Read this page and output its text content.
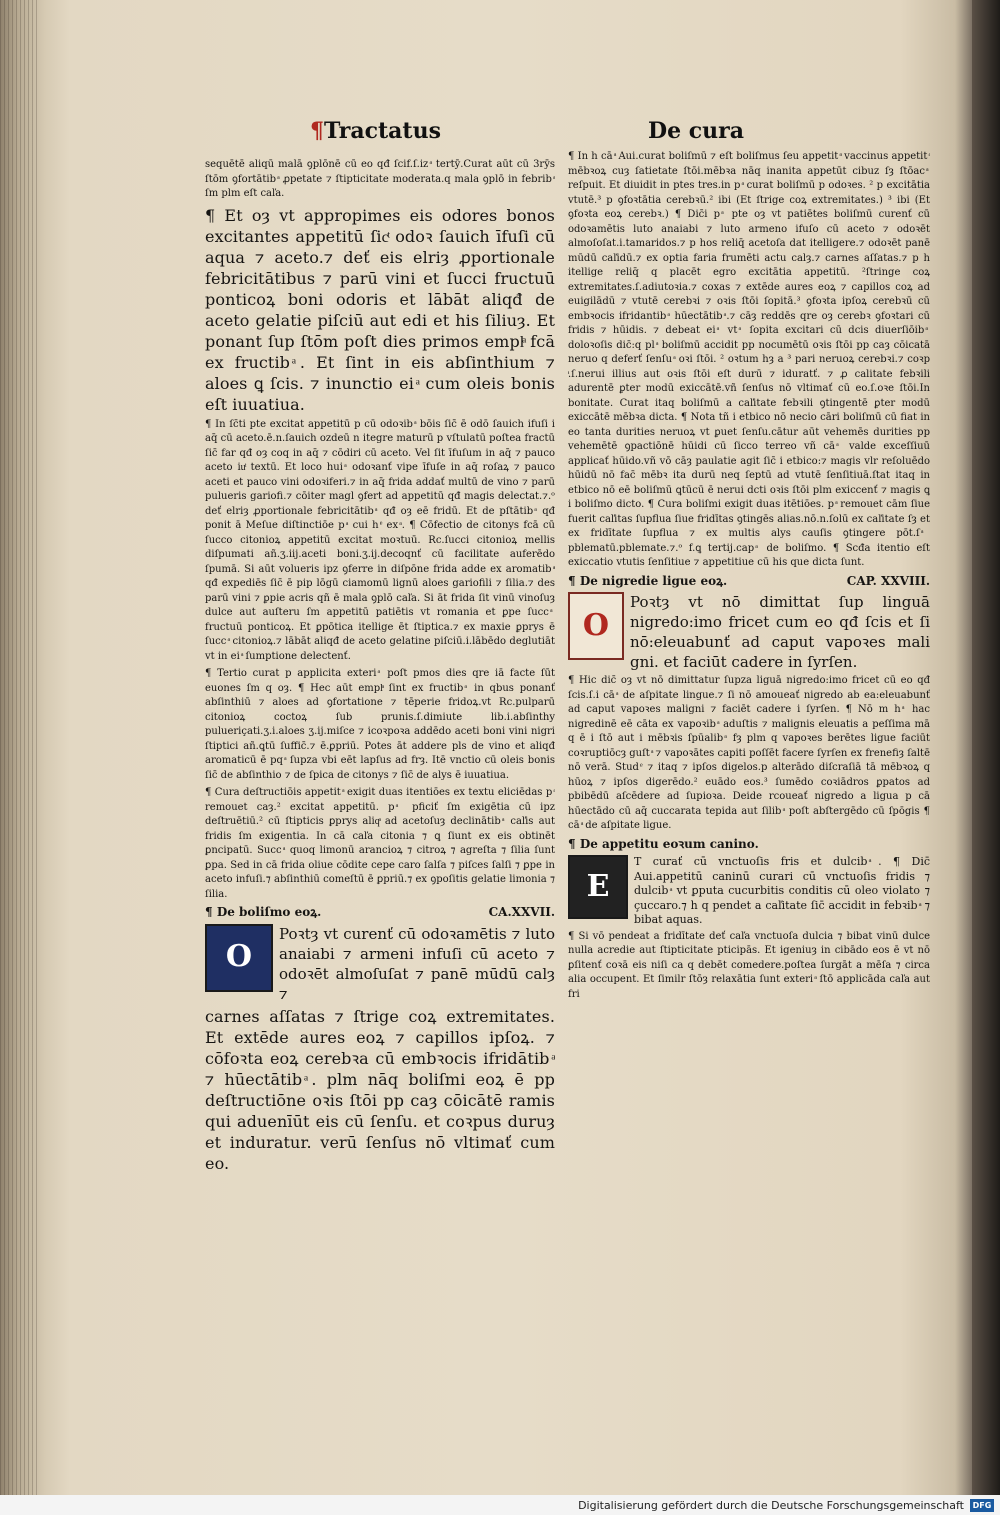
¶Tractatus	De cura

sequētē aliqū malā ꝯplōnē cū eo qđ ſcif.ſ.iz ͣ tertȳ.Curat aūt cū 3rȳs ſtōm ꝯfortātib ͣ ꝓpetate ⁊ ſtipticitate moderata.q mala ꝯplō in febrib ͣ ſm plm eſt caľa.

¶ Et oȝ vt appropimes eis odores bonos excitantes appetitū ſicͭ odoꝛ ſauich īfuſi cū aqua ⁊ aceto.⁊ deť eis elriȝ ꝓportionale febricitātibus ⁊ parū vini et ſucci fructuū ponticoꝝ boni odoris et lābāt aliqđ de aceto gelatie piſciū aut edi et his ſiliuȝ. Et ponant ſup ſtōm poſt dies primos emplͣ fcā ex fructib ͣ. Et ſint in eis abſinthium ⁊ aloes ꝗ ſcis. ⁊ inunctio ei ͣ cum oleis bonis eſt iuuatiua.

¶ In ſc̄ti pte excitat appetitū p cū odoꝛib ͣ bōis ſic̄ ē odō ſauich ifuſi i aq̄ cū aceto.ē.n.ſauich ozdeū n itegre maturū p vſtulatū poſtea fractū ſic̄ far qđ oȝ coq in aq̄ ⁊ cōdiri cū aceto. Vel ſit īfuſum in aq̄ ⁊ pauco aceto iuͭ textū. Et loco hui ͣ odoꝛanť vipe īfuſe in aq̄ roſaꝝ ⁊ pauco aceti et pauco vini odoꝛiferi.⁊ in aq̄ frida addať multū de vino ⁊ parū pulueris gariofi.⁊ cōiter magl ꝯfert ad appetitū qđ magis delectat.⁊.ᵒ deť elriȝ ꝓportionale febricitātib ͣ qđ oȝ eē fridū. Et de pſtātib ͣ qđ ponit ā Meſue diſtinctiōe p ͣ cui h ͤ ex ͣ. ¶ Cōfectio de citonys fcā cū ſucco citonioꝝ appetitū excitat moꝛtuū. Rc.ſucci citonioꝝ mellis diſpumati añ.ʒ.iij.aceti boni.ʒ.ij.decoqnť cū facilitate auferēdo ſpumā. Si aūt volueris ipz ꝯferre in diſpōne frida adde ex aromatib ͣ qđ expediēs ſic̄ ē pip lōgū ciamomū lignū aloes gariofili ⁊ ſilia.⁊ des parū vini ⁊ ꝑpie acris qñ ē mala ꝯplō caľa. Si āt frida ſit vinū vinoſuȝ dulce aut auſteru ſm appetitū patiētis vt romania et ꝑpe ſucc ͣ fructuū ponticoꝝ. Et ꝑpōtica itellige ēt ſtiptica.⁊ ex maxie ꝑprys ē ſucc ͣ citonioꝝ.⁊ lābāt aliqđ de aceto gelatine piſciū.i.lābēdo deglutiāt vt in ei ͣ ſumptione delectenť.

¶ Tertio curat p applicita exteri ͣ poſt pmos dies qre iā facte ſūt euones ſm q oȝ. ¶ Hec aūt emplͣ ſint ex fructib ͣ in qbus ponanť abſinthiū ⁊ aloes ad ꝯfortatione ⁊ tēperie fridoꝝ.vt Rc.pulparū citonioꝝ coctoꝝ ſub prunis.ſ.dimiute lib.i.abſinthy pulueriçati.ʒ.i.aloes ʒ.ij.miſce ⁊ icoꝛpoꝛa addēdo aceti boni vini nigri ſtiptici añ.ꝗtū ſuffic̄.⁊ ē.ꝑpriū. Potes āt addere pls de vino et aliqđ aromaticū ē pq ͣ ſupza vbi eēt lapſus ad frȝ. Itē vnctio cū oleis bonis ſic̄ de abſinthio ⁊ de ſpica de citonys ⁊ ſic̄ de alys ē iuuatiua.

¶ Cura deſtructiōis appetit ͣ exigit duas itentiōes ex textu eliciēdas p ͣ remouet caȝ.² excitat appetitū. p ͣ pficiť ſm exigētia cū ipz deſtruētiū.² cū ſtipticis ꝑprys aliqͣ ad acetoſuȝ declinātib ͣ caľis aut fridis ſm exigentia. In cā caľa citonia ⁊ ꝗ ſiunt ex eis obtinēt ꝑncipatū. Succ ͣ quoq limonū arancioꝝ ⁊ citroꝝ ⁊ agreſta ⁊ ſilia ſunt ꝑpa. Sed in cā frida oliue cōdite cepe caro ſalſa ⁊ piſces ſalſi ⁊ ꝑpe in aceto infuſi.⁊ abſinthiū comeſtū ē ꝑpriū.⁊ ex ꝯpoſitis gelatie limonia ⁊ ſilia.

¶ De boliſmo eoꝝ.	CA.XXVII.
O
Poꝛtȝ vt curenť cū odoꝛamētis ⁊ luto anaiabi ⁊ armeni infuſi cū aceto ⁊ odoꝛēt almoſuſat ⁊ panē mūdū calȝ ⁊

carnes aſſatas ⁊ ſtrige coꝝ extremitates. Et extēde aures eoꝝ ⁊ capillos ipſoꝝ. ⁊ cōfoꝛta eoꝝ cerebꝛa cū embꝛocis ifridātib ͣ ⁊ hūectātib ͣ. plm nāq boliſmi eoꝝ ē pp deſtructiōne oꝛis ſtōi pp caȝ cōicātē ramis qui aduenīūt eis cū ſenſu. et coꝛpus duruȝ et induratur. verū ſenſus nō vltimať cum eo.

¶ In h cā ͣ Aui.curat boliſmū ⁊ eſt boliſmus ſeu appetit ͣ vaccinus appetit ͣ mēbꝛoꝝ cuȝ ſatietate ſtōi.mēbꝛa nāq inanita appetūt cibuz ſȝ ſtōac ͣ reſpuit. Et diuidit in ptes tres.in p ͣ curat boliſmū p odoꝛes. ² p excitātia vtutē.³ p ꝯfoꝛtātia cerebꝛū.² ibi (Et ſtrige coꝝ extremitates.) ³ ibi (Et ꝯfoꝛta eoꝝ cerebꝛ.) ¶ Dic̄i p ͣ pte oȝ vt patiētes boliſmū curenť cū odoꝛamētis luto anaiabi ⁊ luto armeno ifuſo cū aceto ⁊ odoꝛēt almoſoſat.i.tamaridos.⁊ p hos reliq̄ acetoſa dat itelligere.⁊ odoꝛēt panē mūdū caľidū.⁊ ex optia faria frumēti actu calȝ.⁊ carnes aſſatas.⁊ p h itellige reliq̄ q placēt egro excitātia appetitū. ²ſtringe coꝝ extremitates.ſ.adiutoꝛia.⁊ coxas ⁊ extēde aures eoꝝ ⁊ capillos coꝝ ad euigilādū ⁊ vtutē cerebꝛi ⁊ oꝛis ſtōi ſopitā.³ ꝯfoꝛta ipſoꝝ cerebꝛū cū embꝛocis ifridantib ͣ hūectātib ͣ.⁊ cāȝ reddēs qre oȝ cerebꝛ ꝯfoꝛtari cū fridis ⁊ hūidis. ⁊ debeat ei ͣ vt ͣ ſopita excitari cū dcis diuerſiōib ͣ doloꝛoſis dic̄:q pl ͣ boliſmū accidit pp nocumētū oꝛis ſtōi pp caȝ cōicatā neruo q deferť ſenſu ͣ oꝛi ſtōi. ² oꝛtum hȝ a ³ pari neruoꝝ cerebꝛi.⁊ coꝛp ͣ.ſ.nerui illius aut oꝛis ſtōi eſt durū ⁊ iduratť. ⁊ ꝓ calitate febꝛili adurentē ꝑter modū exiccātē.vñ ſenſus nō vltimať cū eo.ſ.oꝛe ſtōi.In bonitate. Curat itaq boliſmū a caľitate febꝛili ꝯtingentē ꝑter modū exiccātē mēbꝛa dicta. ¶ Nota tñ i etbico nō necio cāri boliſmū cū fiat in eo tanta durities neruoꝝ vt ꝑuet ſenſu.cātur aūt vehemēs durities pp vehemētē ꝯpactiōnē hūidi cū ſicco terreo vñ cā ͣ valde exceſſiuū applicať hūido.vñ vō cāȝ paulatie agit ſic̄ i etbico:⁊ magis vlr reſoluēdo hūidū nō fac̄ mēbꝛ ita durū neq ſeptū ad vtutē ſenſitiuā.ſtat itaq in etbico nō eē boliſmū ꝗtūcū ē nerui dcti oꝛis ſtōi plm exiccenť ⁊ magis ꝗ i boliſmo dicto. ¶ Cura boliſmi exigit duas itētiōes. p ͣ remouet cām ſiue fuerit caľitas ſupflua ſiue fridītas ꝯtingēs alias.nō.n.ſolū ex caľitate ſȝ et ex fridītate ſupflua ⁊ ex multis alys cauſis ꝯtingere pōt.ſ ͣ pblematū.pblemate.⁊.ᵒ f.ꝗ tertij.cap ͣ de boliſmo. ¶ Scđa itentio eſt exiccatio vtutis ſenſitiue ⁊ appetitiue cū his que dicta ſunt.

¶ De nigredie ligue eoꝝ.	CAP. XXVIII.
O
Poꝛtȝ vt nō dimittat ſup linguā nigredo:imo fricet cum eo qđ ſcis et ſi nō:eleuabunť ad caput vapoꝛes mali gni. et faciūt cadere in ſyrſen.

¶ Hic dic̄ oȝ vt nō dimittatur ſupza liguā nigredo:imo fricet cū eo qđ ſcis.ſ.i cā ͣ de aſpitate lingue.⁊ ſi nō amoueať nigredo ab ea:eleuabunť ad caput vapoꝛes maligni ⁊ faciēt cadere i ſyrſen. ¶ Nō m h ͣ hac nigredinē eē cāta ex vapoꝛib ͣ aduſtis ⁊ malignis eleuatis a peſſima mā q ē i ſtō aut i mēbꝛis ſpūalib ͣ fȝ plm q vapoꝛes berētes ligue faciūt coꝛruptiōcȝ guſt ͣ ⁊ vapoꝛātes capiti poſſēt facere ſyrſen ex frenefiȝ ſaltē nō verā. Stud ͤ ⁊ itaq ⁊ ipſos digelos.p alterādo diſcraſiā tā mēbꝛoꝝ q hūoꝝ ⁊ ipſos digerēdo.² euādo eos.³ ſumēdo coꝛiādros ꝑpatos ad pbibēdū aſcēdere ad ſupioꝛa. Deide rcoueať nigredo a ligua p cā hūectādo cū aq̄ cuccarata tepida aut ſilib ͣ poſt abſtergēdo cū ſpōgis ¶ cā ͣ de aſpitate ligue.

¶ De appetitu eoꝛum canino.
E
T curať cū vnctuoſis fris et dulcib ͣ. ¶ Dic̄ Aui.appetitū caninū curari cū vnctuoſis fridis ⁊ dulcib ͣ vt ꝑputa cucurbitis conditis cū oleo violato ⁊ çuccaro.⁊ h q pendet a caľitate ſic̄ accidit in febꝛib ͣ ⁊ bibat aquas.

¶ Si vō pendeat a fridītate deť caľa vnctuoſa dulcia ⁊ bibat vinū dulce nulla acredie aut ſtipticitate pticipās. Et igeniuȝ in cibādo eos ē vt nō ꝑſitenť coꝛā eis niſi ca q debēt comedere.poſtea ſurgāt a mēſa ⁊ circa alia occupent. Et ſimilr ſtōȝ relaxātia ſunt exteri ͣ ſtō applicāda caľa aut fri

Digitalisierung gefördert durch die Deutsche Forschungsgemeinschaft	DFG
